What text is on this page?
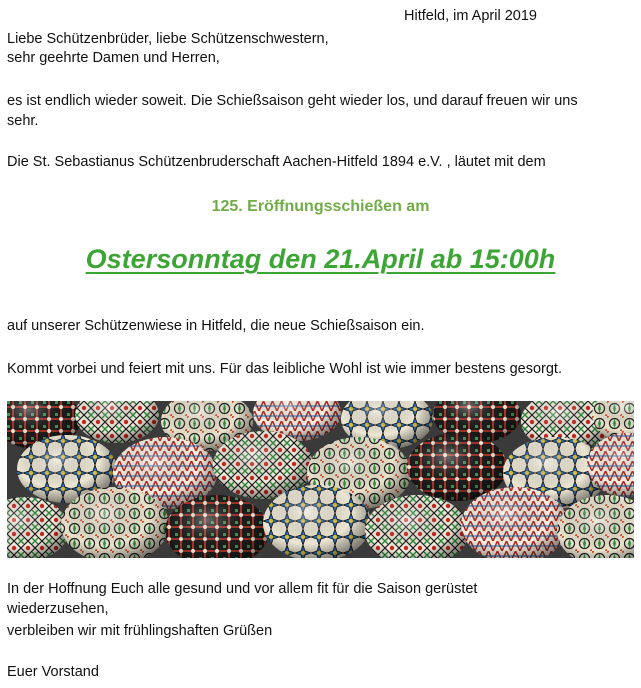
Hitfeld, im April 2019
Liebe Schützenbrüder, liebe Schützenschwestern,
sehr geehrte Damen und Herren,
es ist endlich wieder soweit. Die Schießsaison geht wieder los, und darauf freuen wir uns
sehr.
Die St. Sebastianus Schützenbruderschaft Aachen-Hitfeld 1894 e.V. , läutet mit dem
125. Eröffnungsschießen am
Ostersonntag den 21.April ab 15:00h
auf unserer Schützenwiese in Hitfeld, die neue Schießsaison ein.
Kommt vorbei und feiert mit uns. Für das leibliche Wohl ist wie immer bestens gesorgt.
In der Hoffnung Euch alle gesund und vor allem fit für die Saison gerüstet
wiederzusehen,
verbleiben wir mit frühlingshaften Grüßen
Euer Vorstand
